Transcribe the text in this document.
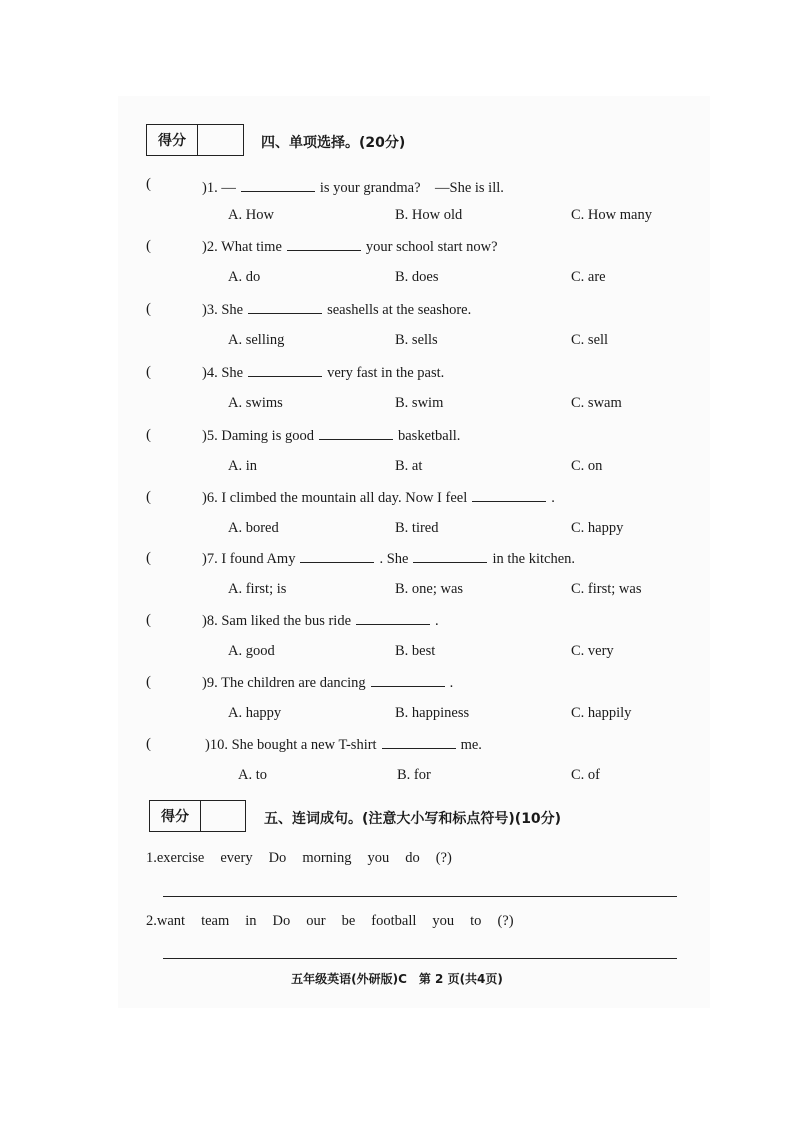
得分	四、单项选择。(20分)
(	)1. —	is your grandma?　—She is ill.
A. How	B. How old	C. How many
(	)2. What time	your school start now?
A. do	B. does	C. are
(	)3. She	seashells at the seashore.
A. selling	B. sells	C. sell
(	)4. She	very fast in the past.
A. swims	B. swim	C. swam
(	)5. Daming is good	basketball.
A. in	B. at	C. on
(	)6. I climbed the mountain all day. Now I feel	.
A. bored	B. tired	C. happy
(	)7. I found Amy	. She	in the kitchen.
A. first; is	B. one; was	C. first; was
(	)8. Sam liked the bus ride	.
A. good	B. best	C. very
(	)9. The children are dancing	.
A. happy	B. happiness	C. happily
(	)10. She bought a new T-shirt	me.
A. to	B. for	C. of
得分	五、连词成句。(注意大小写和标点符号)(10分)
1.exercise every Do morning you do (?)
2.want team in Do our be football you to (?)
五年级英语(外研版)C　第 2 页(共4页)
